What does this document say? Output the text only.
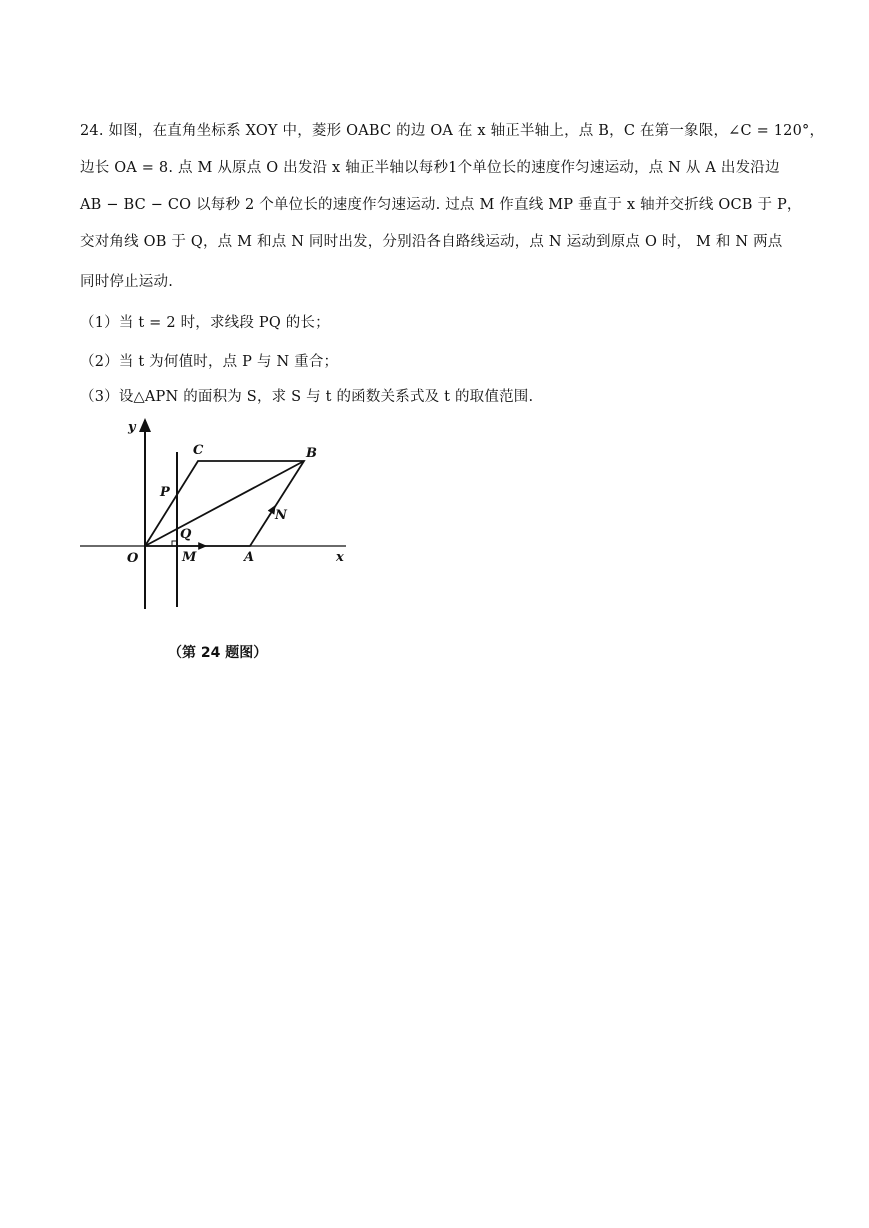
24. 如图，在直角坐标系 XOY 中，菱形 OABC 的边 OA 在 x 轴正半轴上，点 B，C 在第一象限，∠C = 120°，
边长 OA = 8. 点 M 从原点 O 出发沿 x 轴正半轴以每秒1个单位长的速度作匀速运动，点 N 从 A 出发沿边
AB − BC − CO 以每秒 2 个单位长的速度作匀速运动. 过点 M 作直线 MP 垂直于 x 轴并交折线 OCB 于 P，
交对角线 OB 于 Q，点 M 和点 N 同时出发，分别沿各自路线运动，点 N 运动到原点 O 时， M 和 N 两点
同时停止运动.
（1）当 t = 2 时，求线段 PQ 的长；
（2）当 t 为何值时，点 P 与 N 重合；
（3）设△APN 的面积为 S，求 S 与 t 的函数关系式及 t 的取值范围.
y
C	B
P
N
Q
O	M	A	x
（第 24 题图）
